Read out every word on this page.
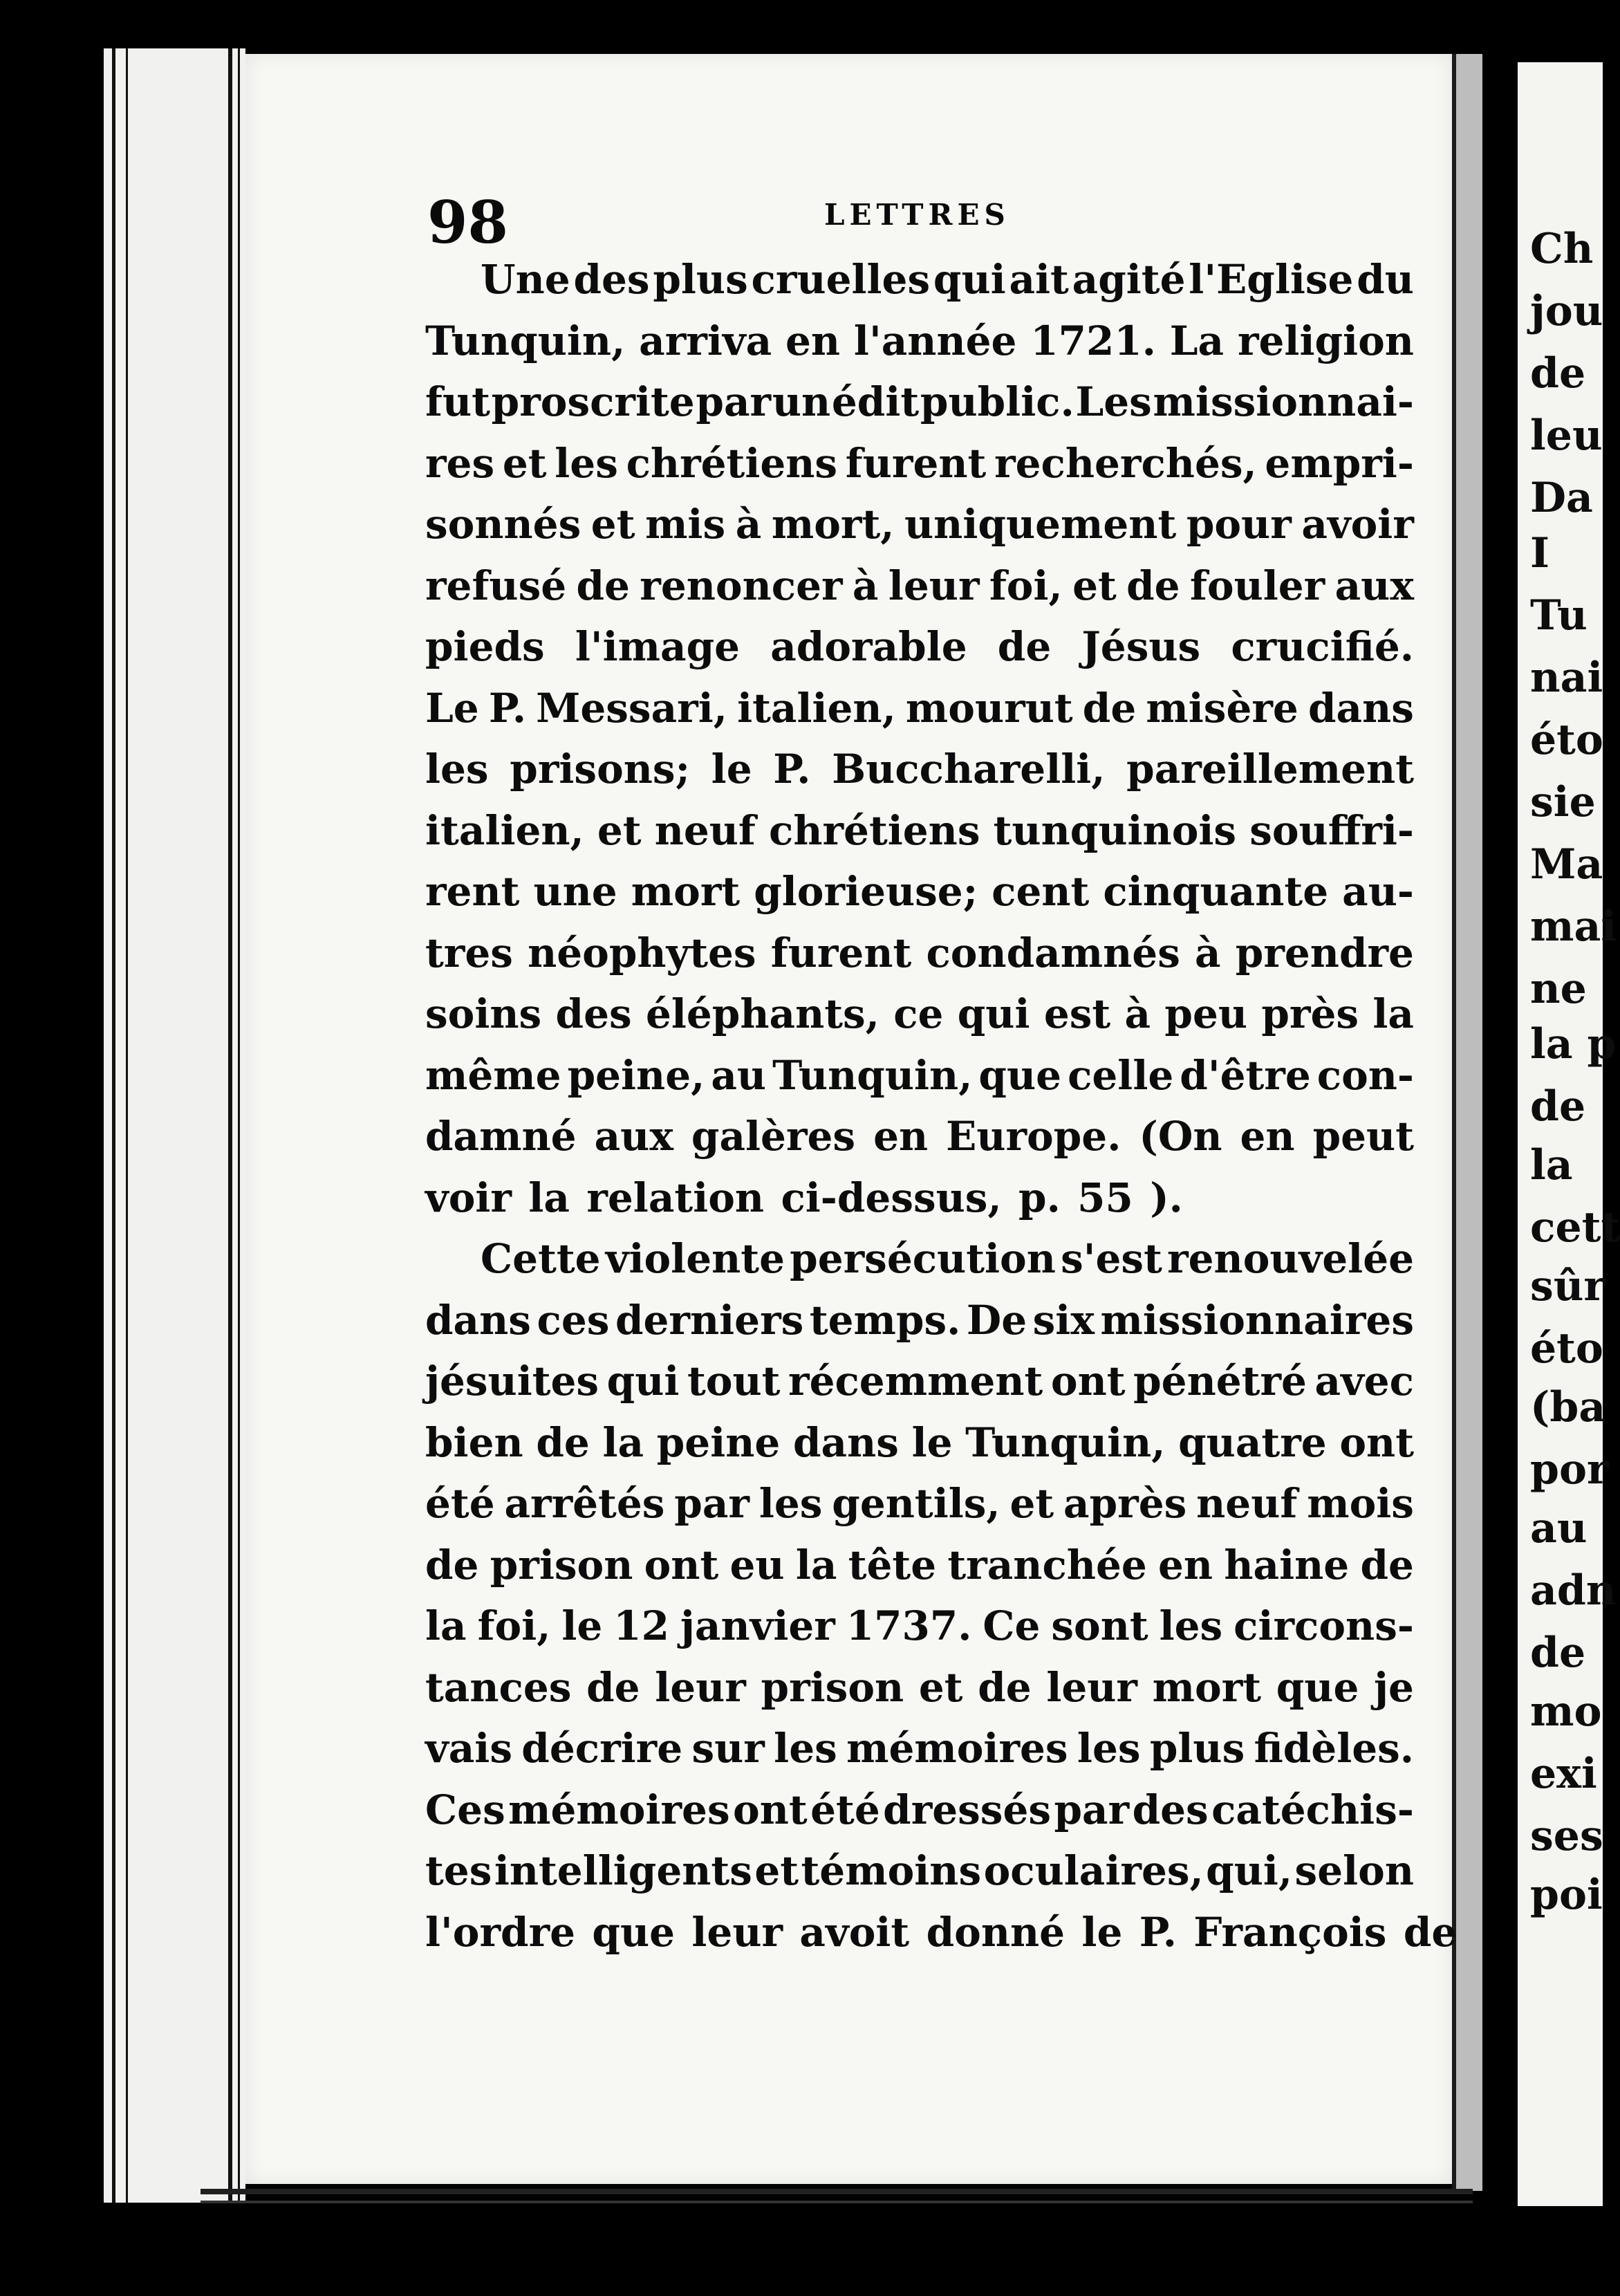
Ch
jou
de
leu
Da
I
Tu
nai
éto
sie
Ma
mai
ne
la p
de
la
cett
sûr
éto
(ba
por
au
adn
de
mo
exi
ses
poi
98	LETTRES
Une des plus cruelles qui ait agité l'Eglise du
Tunquin, arriva en l'année 1721. La religion
fut proscrite par un édit public. Les missionnai-
res et les chrétiens furent recherchés, empri-
sonnés et mis à mort, uniquement pour avoir
refusé de renoncer à leur foi, et de fouler aux
pieds l'image adorable de Jésus crucifié.
Le P. Messari, italien, mourut de misère dans
les prisons; le P. Buccharelli, pareillement
italien, et neuf chrétiens tunquinois souffri-
rent une mort glorieuse; cent cinquante au-
tres néophytes furent condamnés à prendre
soins des éléphants, ce qui est à peu près la
même peine, au Tunquin, que celle d'être con-
damné aux galères en Europe. (On en peut
voir la relation ci-dessus, p. 55 ).
Cette violente persécution s'est renouvelée
dans ces derniers temps. De six missionnaires
jésuites qui tout récemment ont pénétré avec
bien de la peine dans le Tunquin, quatre ont
été arrêtés par les gentils, et après neuf mois
de prison ont eu la tête tranchée en haine de
la foi, le 12 janvier 1737. Ce sont les circons-
tances de leur prison et de leur mort que je
vais décrire sur les mémoires les plus fidèles.
Ces mémoires ont été dressés par des catéchis-
tes intelligents et témoins oculaires, qui, selon
l'ordre que leur avoit donné le P. François de
